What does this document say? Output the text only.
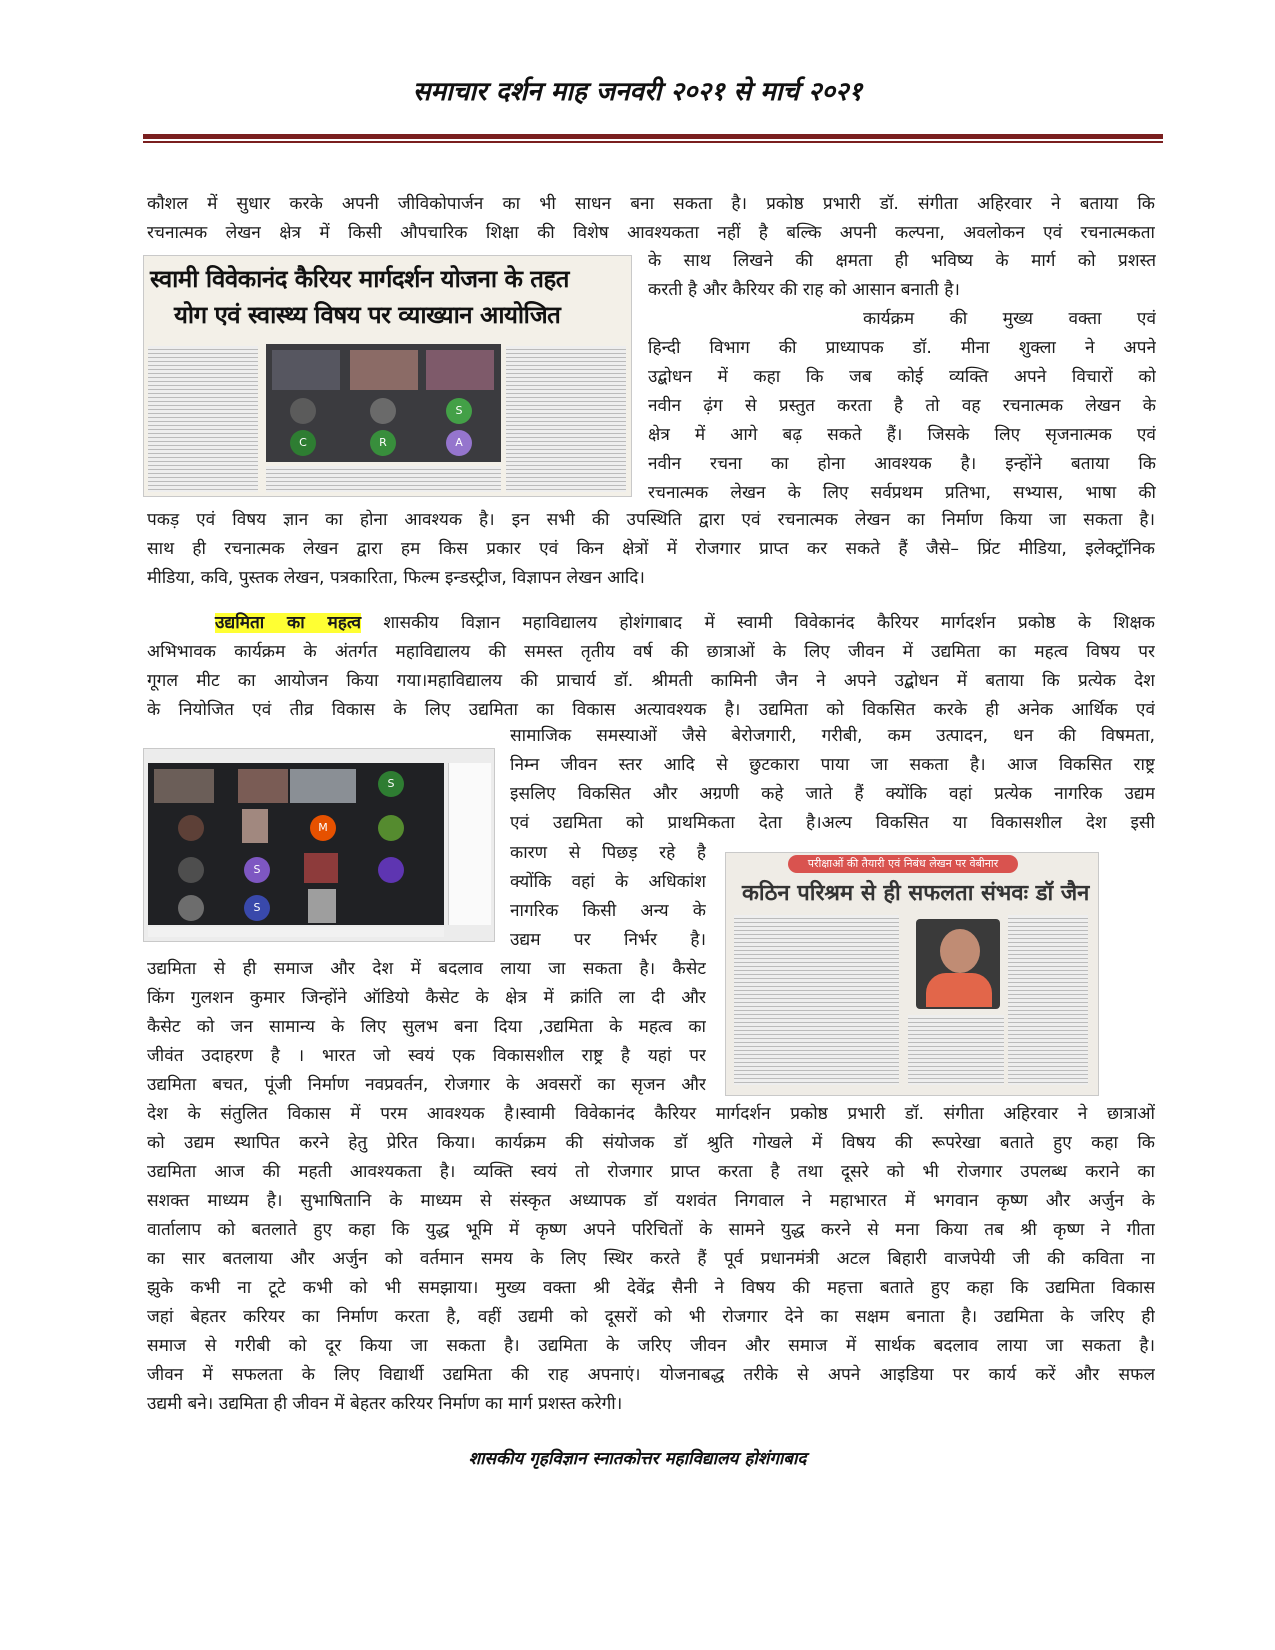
समाचार दर्शन माह जनवरी २०२१ से मार्च २०२१
कौशल में सुधार करके अपनी जीविकोपार्जन का भी साधन बना सकता है। प्रकोष्ठ प्रभारी डॉ. संगीता अहिरवार ने बताया कि
रचनात्मक लेखन क्षेत्र में किसी औपचारिक शिक्षा की विशेष आवश्यकता नहीं है बल्कि अपनी कल्पना, अवलोकन एवं रचनात्मकता
स्वामी विवेकानंद कैरियर मार्गदर्शन योजना के तहत
योग एवं स्वास्थ्य विषय पर व्याख्यान आयोजित
S
C	R	A
के साथ लिखने की क्षमता ही भविष्य के मार्ग को प्रशस्त
करती है और कैरियर की राह को आसान बनाती है।
कार्यक्रम की मुख्य वक्ता एवं
हिन्दी विभाग की प्राध्यापक डॉ. मीना शुक्ला ने अपने
उद्बोधन में कहा कि जब कोई व्यक्ति अपने विचारों को
नवीन ढ़ंग से प्रस्तुत करता है तो वह रचनात्मक लेखन के
क्षेत्र में आगे बढ़ सकते हैं। जिसके लिए सृजनात्मक एवं
नवीन रचना का होना आवश्यक है। इन्होंने बताया कि
रचनात्मक लेखन के लिए सर्वप्रथम प्रतिभा, सभ्यास, भाषा की
पकड़ एवं विषय ज्ञान का होना आवश्यक है। इन सभी की उपस्थिति द्वारा एवं रचनात्मक लेखन का निर्माण किया जा सकता है।
साथ ही रचनात्मक लेखन द्वारा हम किस प्रकार एवं किन क्षेत्रों में रोजगार प्राप्त कर सकते हैं जैसे– प्रिंट मीडिया, इलेक्ट्रॉनिक
मीडिया, कवि, पुस्तक लेखन, पत्रकारिता, फिल्म इन्डस्ट्रीज, विज्ञापन लेखन आदि।
उद्यमिता का महत्व शासकीय विज्ञान महाविद्यालय होशंगाबाद में स्वामी विवेकानंद कैरियर मार्गदर्शन प्रकोष्ठ के शिक्षक
अभिभावक कार्यक्रम के अंतर्गत महाविद्यालय की समस्त तृतीय वर्ष की छात्राओं के लिए जीवन में उद्यमिता का महत्व विषय पर
गूगल मीट का आयोजन किया गया।महाविद्यालय की प्राचार्य डॉ. श्रीमती कामिनी जैन ने अपने उद्बोधन में बताया कि प्रत्येक देश
के नियोजित एवं तीव्र विकास के लिए उद्यमिता का विकास अत्यावश्यक है। उद्यमिता को विकसित करके ही अनेक आर्थिक एवं
S
M
S
S
सामाजिक समस्याओं जैसे बेरोजगारी, गरीबी, कम उत्पादन, धन की विषमता,
निम्न जीवन स्तर आदि से छुटकारा पाया जा सकता है। आज विकसित राष्ट्र
इसलिए विकसित और अग्रणी कहे जाते हैं क्योंकि वहां प्रत्येक नागरिक उद्यम
एवं उद्यमिता को प्राथमिकता देता है।अल्प विकसित या विकासशील देश इसी
कारण से पिछड़ रहे है
क्योंकि वहां के अधिकांश
नागरिक किसी अन्य के
उद्यम पर निर्भर है।
परीक्षाओं की तैयारी एवं निबंध लेखन पर वेबीनार
कठिन परिश्रम से ही सफलता संभवः डॉ जैन
उद्यमिता से ही समाज और देश में बदलाव लाया जा सकता है। कैसेट
किंग गुलशन कुमार जिन्होंने ऑडियो कैसेट के क्षेत्र में क्रांति ला दी और
कैसेट को जन सामान्य के लिए सुलभ बना दिया ,उद्यमिता के महत्व का
जीवंत उदाहरण है । भारत जो स्वयं एक विकासशील राष्ट्र है यहां पर
उद्यमिता बचत, पूंजी निर्माण नवप्रवर्तन, रोजगार के अवसरों का सृजन और
देश के संतुलित विकास में परम आवश्यक है।स्वामी विवेकानंद कैरियर मार्गदर्शन प्रकोष्ठ प्रभारी डॉ. संगीता अहिरवार ने छात्राओं
को उद्यम स्थापित करने हेतु प्रेरित किया। कार्यक्रम की संयोजक डॉ श्रुति गोखले में विषय की रूपरेखा बताते हुए कहा कि
उद्यमिता आज की महती आवश्यकता है। व्यक्ति स्वयं तो रोजगार प्राप्त करता है तथा दूसरे को भी रोजगार उपलब्ध कराने का
सशक्त माध्यम है। सुभाषितानि के माध्यम से संस्कृत अध्यापक डॉ यशवंत निगवाल ने महाभारत में भगवान कृष्ण और अर्जुन के
वार्तालाप को बतलाते हुए कहा कि युद्ध भूमि में कृष्ण अपने परिचितों के सामने युद्ध करने से मना किया तब श्री कृष्ण ने गीता
का सार बतलाया और अर्जुन को वर्तमान समय के लिए स्थिर करते हैं पूर्व प्रधानमंत्री अटल बिहारी वाजपेयी जी की कविता ना
झुके कभी ना टूटे कभी को भी समझाया। मुख्य वक्ता श्री देवेंद्र सैनी ने विषय की महत्ता बताते हुए कहा कि उद्यमिता विकास
जहां बेहतर करियर का निर्माण करता है, वहीं उद्यमी को दूसरों को भी रोजगार देने का सक्षम बनाता है। उद्यमिता के जरिए ही
समाज से गरीबी को दूर किया जा सकता है। उद्यमिता के जरिए जीवन और समाज में सार्थक बदलाव लाया जा सकता है।
जीवन में सफलता के लिए विद्यार्थी उद्यमिता की राह अपनाएं। योजनाबद्ध तरीके से अपने आइडिया पर कार्य करें और सफल
उद्यमी बने। उद्यमिता ही जीवन में बेहतर करियर निर्माण का मार्ग प्रशस्त करेगी।
शासकीय गृहविज्ञान स्नातकोत्तर महाविद्यालय होशंगाबाद
